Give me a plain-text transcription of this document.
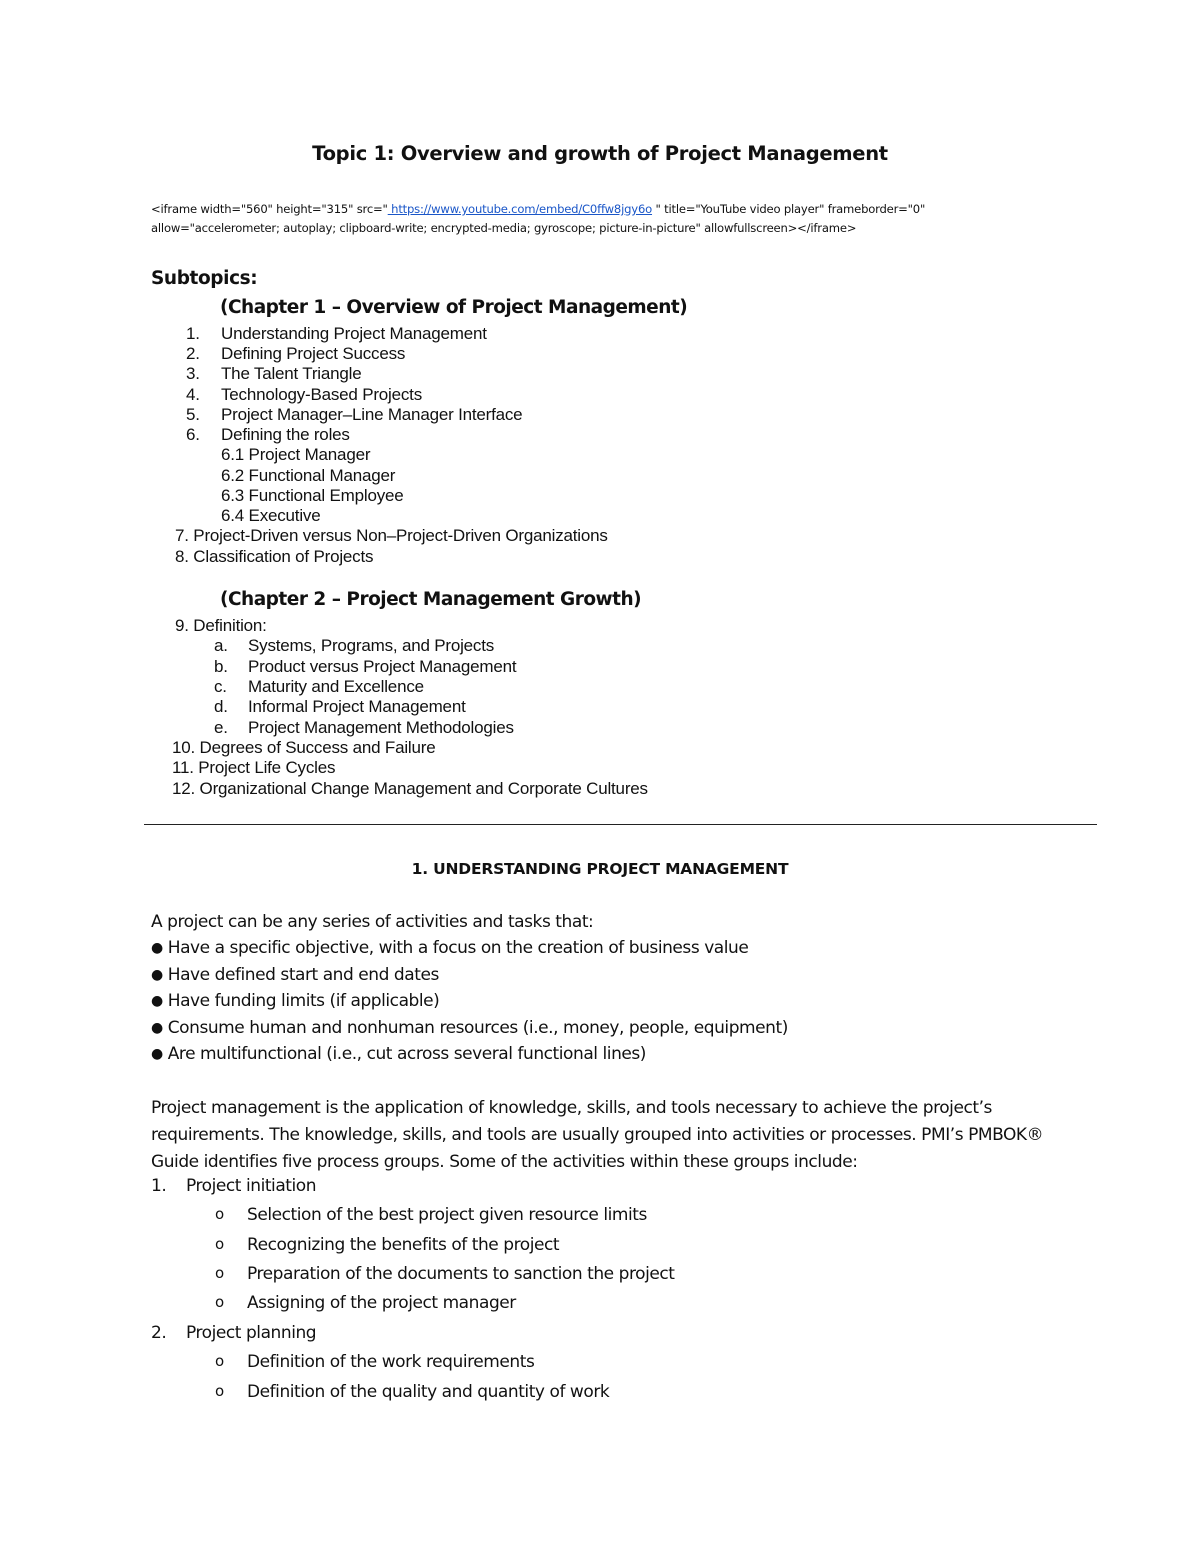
Topic 1: Overview and growth of Project Management
<iframe width="560" height="315" src=" https://www.youtube.com/embed/C0ffw8jgy6o " title="YouTube video player" frameborder="0" allow="accelerometer; autoplay; clipboard-write; encrypted-media; gyroscope; picture-in-picture" allowfullscreen></iframe>
Subtopics:
(Chapter 1 – Overview of Project Management)
1. Understanding Project Management
2. Defining Project Success
3. The Talent Triangle
4. Technology-Based Projects
5. Project Manager–Line Manager Interface
6. Defining the roles
6.1 Project Manager
6.2 Functional Manager
6.3 Functional Employee
6.4 Executive
7. Project-Driven versus Non–Project-Driven Organizations
8. Classification of Projects
(Chapter 2 – Project Management Growth)
9. Definition:
a. Systems, Programs, and Projects
b. Product versus Project Management
c. Maturity and Excellence
d. Informal Project Management
e. Project Management Methodologies
10. Degrees of Success and Failure
11. Project Life Cycles
12. Organizational Change Management and Corporate Cultures
1. UNDERSTANDING PROJECT MANAGEMENT
A project can be any series of activities and tasks that:
● Have a specific objective, with a focus on the creation of business value
● Have defined start and end dates
● Have funding limits (if applicable)
● Consume human and nonhuman resources (i.e., money, people, equipment)
● Are multifunctional (i.e., cut across several functional lines)
Project management is the application of knowledge, skills, and tools necessary to achieve the project’s requirements. The knowledge, skills, and tools are usually grouped into activities or processes. PMI’s PMBOK® Guide identifies five process groups. Some of the activities within these groups include:
1. Project initiation
o Selection of the best project given resource limits
o Recognizing the benefits of the project
o Preparation of the documents to sanction the project
o Assigning of the project manager
2. Project planning
o Definition of the work requirements
o Definition of the quality and quantity of work
